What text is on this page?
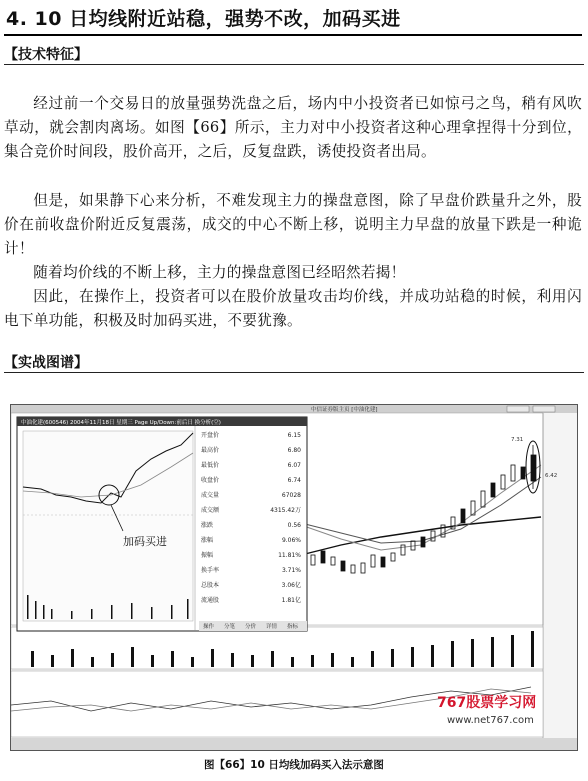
4. 10 日均线附近站稳，强势不改，加码买进
【技术特征】
经过前一个交易日的放量强势洗盘之后，场内中小投资者已如惊弓之鸟，稍有风吹草动，就会割肉离场。如图【66】所示，主力对中小投资者这种心理拿捏得十分到位，集合竞价时间段，股价高开，之后，反复盘跌，诱使投资者出局。
但是，如果静下心来分析，不难发现主力的操盘意图，除了早盘价跌量升之外，股价在前收盘价附近反复震荡，成交的中心不断上移，说明主力早盘的放量下跌是一种诡计！
随着均价线的不断上移，主力的操盘意图已经昭然若揭！
因此，在操作上，投资者可以在股价放量攻击均价线，并成功站稳的时候，利用闪电下单功能，积极及时加码买进，不要犹豫。
【实战图谱】
中信证券版主页 [中油化建]
6.42
7.31
中油化建(600546) 2004年11月18日 星期三 Page Up/Down:前后日 换分析(空)
加码买进
开盘价	6.15
最高价	6.80
最低价	6.07
收盘价	6.74
成交量	67028
成交额	4315.42万
涨跌	0.56
涨幅	9.06%
振幅	11.81%
换手率	3.71%
总股本	3.06亿
流通股	1.81亿
操作 分笔 分价 详情 指标
767股票学习网
www.net767.com
图【66】10 日均线加码买入法示意图
